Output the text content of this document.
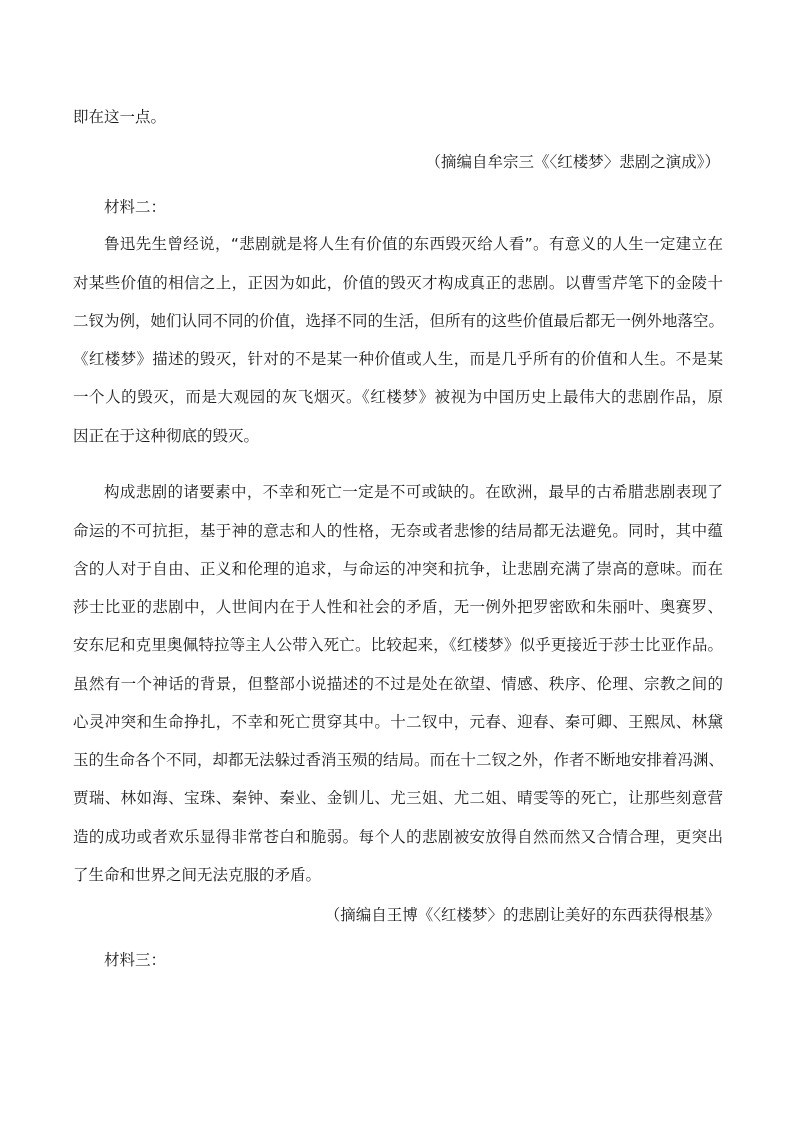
即在这一点。
（摘编自牟宗三《〈红楼梦〉悲剧之演成》）
材料二：
鲁迅先生曾经说，“悲剧就是将人生有价值的东西毁灭给人看”。有意义的人生一定建立在
对某些价值的相信之上，正因为如此，价值的毁灭才构成真正的悲剧。以曹雪芹笔下的金陵十
二钗为例，她们认同不同的价值，选择不同的生活，但所有的这些价值最后都无一例外地落空。
《红楼梦》描述的毁灭，针对的不是某一种价值或人生，而是几乎所有的价值和人生。不是某
一个人的毁灭，而是大观园的灰飞烟灭。《红楼梦》被视为中国历史上最伟大的悲剧作品，原
因正在于这种彻底的毁灭。
构成悲剧的诸要素中，不幸和死亡一定是不可或缺的。在欧洲，最早的古希腊悲剧表现了
命运的不可抗拒，基于神的意志和人的性格，无奈或者悲惨的结局都无法避免。同时，其中蕴
含的人对于自由、正义和伦理的追求，与命运的冲突和抗争，让悲剧充满了崇高的意味。而在
莎士比亚的悲剧中，人世间内在于人性和社会的矛盾，无一例外把罗密欧和朱丽叶、奥赛罗、
安东尼和克里奥佩特拉等主人公带入死亡。比较起来，《红楼梦》似乎更接近于莎士比亚作品。
虽然有一个神话的背景，但整部小说描述的不过是处在欲望、情感、秩序、伦理、宗教之间的
心灵冲突和生命挣扎，不幸和死亡贯穿其中。十二钗中，元春、迎春、秦可卿、王熙凤、林黛
玉的生命各个不同，却都无法躲过香消玉殒的结局。而在十二钗之外，作者不断地安排着冯渊、
贾瑞、林如海、宝珠、秦钟、秦业、金钏儿、尤三姐、尤二姐、晴雯等的死亡，让那些刻意营
造的成功或者欢乐显得非常苍白和脆弱。每个人的悲剧被安放得自然而然又合情合理，更突出
了生命和世界之间无法克服的矛盾。
（摘编自王博《〈红楼梦〉的悲剧让美好的东西获得根基》
材料三：
